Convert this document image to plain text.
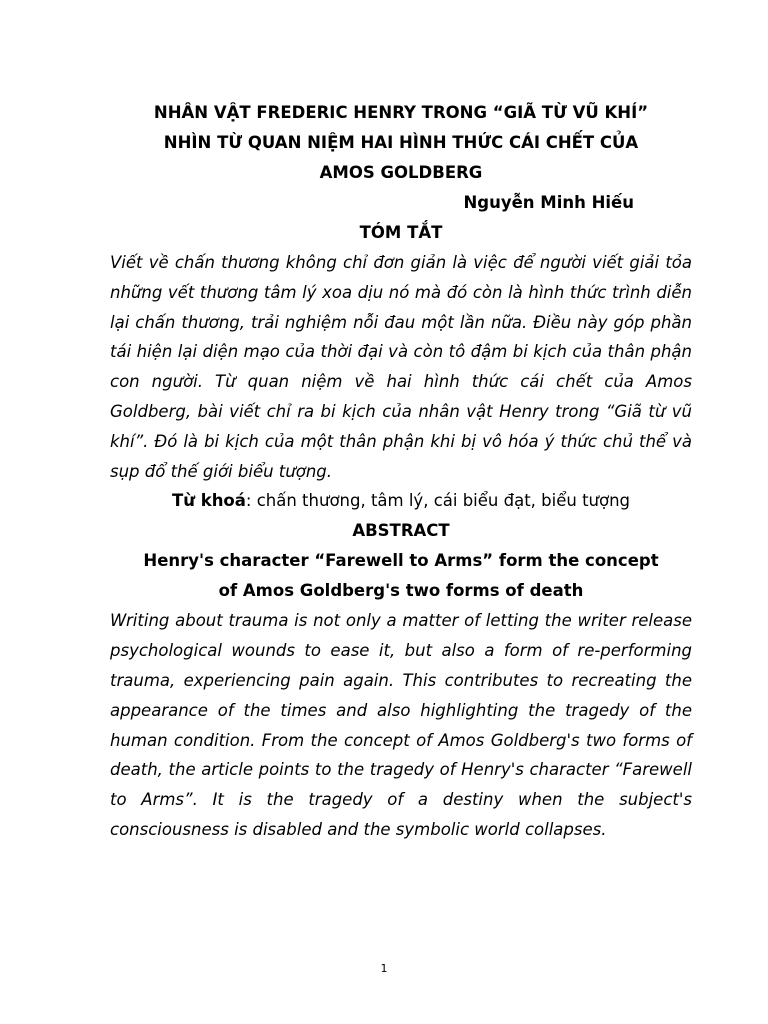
NHÂN VẬT FREDERIC HENRY TRONG “GIÃ TỪ VŨ KHÍ”
NHÌN TỪ QUAN NIỆM HAI HÌNH THỨC CÁI CHẾT CỦA
AMOS GOLDBERG
Nguyễn Minh Hiếu
TÓM TẮT

Viết về chấn thương không chỉ đơn giản là việc để người viết giải tỏa những vết thương tâm lý xoa dịu nó mà đó còn là hình thức trình diễn lại chấn thương, trải nghiệm nỗi đau một lần nữa. Điều này góp phần tái hiện lại diện mạo của thời đại và còn tô đậm bi kịch của thân phận con người. Từ quan niệm về hai hình thức cái chết của Amos Goldberg, bài viết chỉ ra bi kịch của nhân vật Henry trong “Giã từ vũ khí”. Đó là bi kịch của một thân phận khi bị vô hóa ý thức chủ thể và sụp đổ thế giới biểu tượng.

Từ khoá: chấn thương, tâm lý, cái biểu đạt, biểu tượng
ABSTRACT
Henry's character “Farewell to Arms” form the concept
of Amos Goldberg's two forms of death

Writing about trauma is not only a matter of letting the writer release psychological wounds to ease it, but also a form of re-performing trauma, experiencing pain again. This contributes to recreating the appearance of the times and also highlighting the tragedy of the human condition. From the concept of Amos Goldberg's two forms of death, the article points to the tragedy of Henry's character “Farewell to Arms”. It is the tragedy of a destiny when the subject's consciousness is disabled and the symbolic world collapses.

1
